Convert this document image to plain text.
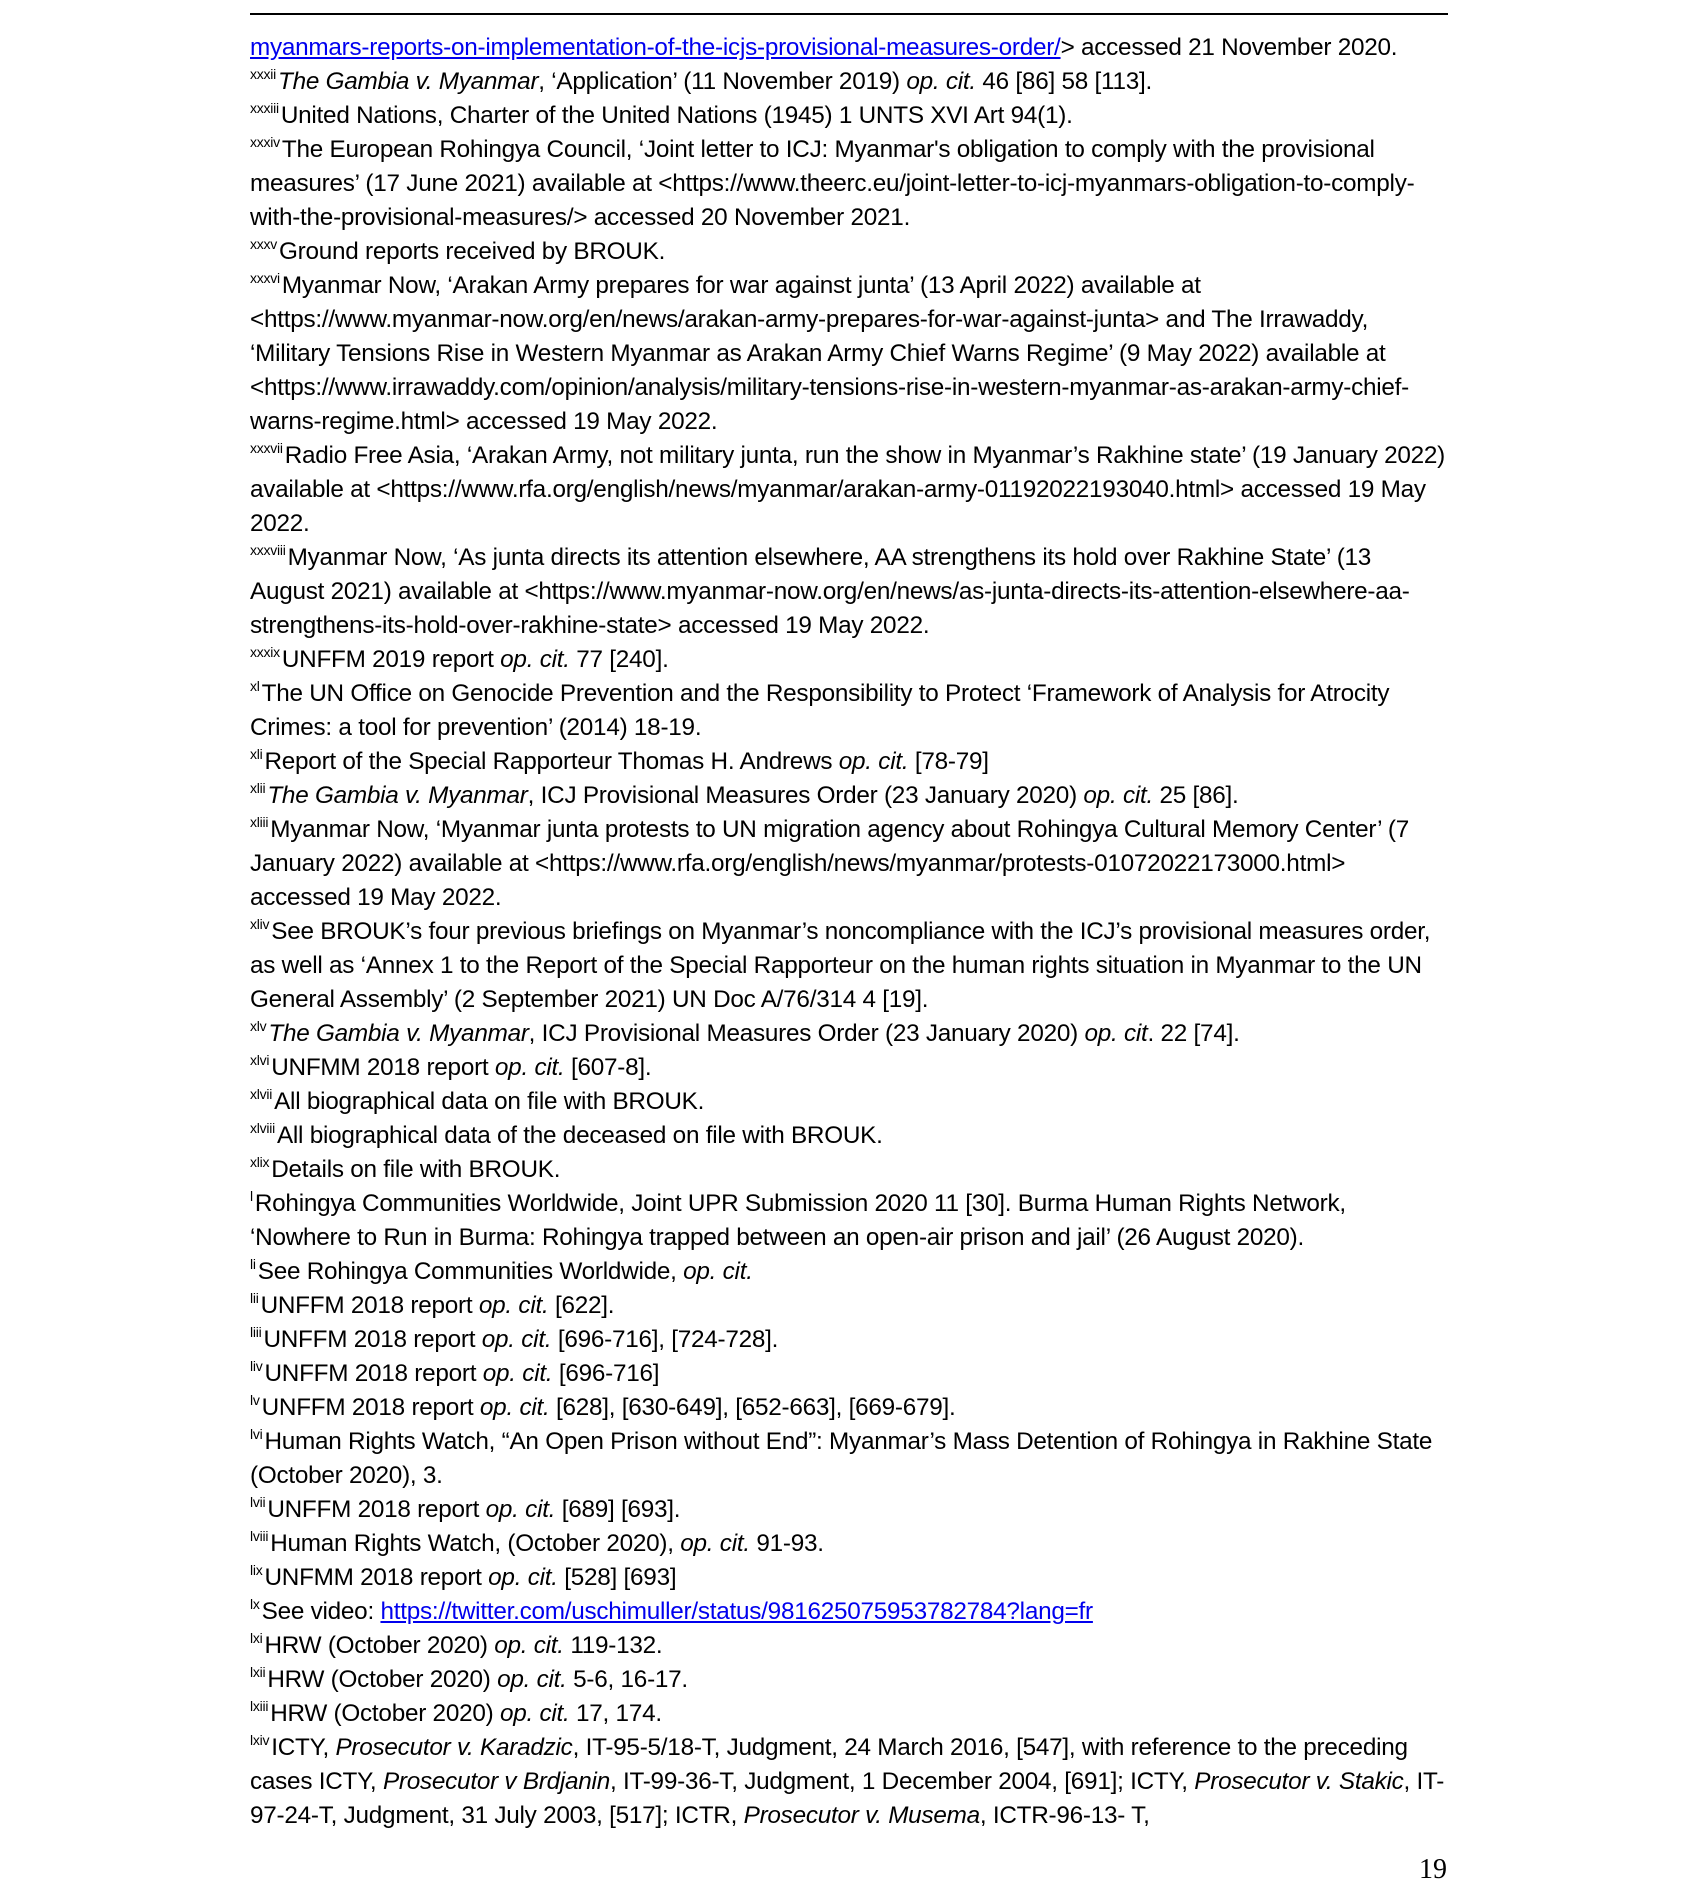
myanmars-reports-on-implementation-of-the-icjs-provisional-measures-order/> accessed 21 November 2020.

$^{xxxii}$The Gambia v. Myanmar, ‘Application’ (11 November 2019) op. cit. 46 [86] 58 [113].

$^{xxxiii}$United Nations, Charter of the United Nations (1945) 1 UNTS XVI Art 94(1).

$^{xxxiv}$The European Rohingya Council, ‘Joint letter to ICJ: Myanmar's obligation to comply with the provisional measures’ (17 June 2021) available at <https://www.theerc.eu/joint-letter-to-icj-myanmars-obligation-to-comply-with-the-provisional-measures/> accessed 20 November 2021.

$^{xxxv}$Ground reports received by BROUK.

$^{xxxvi}$Myanmar Now, ‘Arakan Army prepares for war against junta’ (13 April 2022) available at <https://www.myanmar-now.org/en/news/arakan-army-prepares-for-war-against-junta> and The Irrawaddy, ‘Military Tensions Rise in Western Myanmar as Arakan Army Chief Warns Regime’ (9 May 2022) available at <https://www.irrawaddy.com/opinion/analysis/military-tensions-rise-in-western-myanmar-as-arakan-army-chief-warns-regime.html> accessed 19 May 2022.

$^{xxxvii}$Radio Free Asia, ‘Arakan Army, not military junta, run the show in Myanmar’s Rakhine state’ (19 January 2022) available at <https://www.rfa.org/english/news/myanmar/arakan-army-01192022193040.html> accessed 19 May 2022.

$^{xxxviii}$Myanmar Now, ‘As junta directs its attention elsewhere, AA strengthens its hold over Rakhine State’ (13 August 2021) available at <https://www.myanmar-now.org/en/news/as-junta-directs-its-attention-elsewhere-aa-strengthens-its-hold-over-rakhine-state> accessed 19 May 2022.

$^{xxxix}$UNFFM 2019 report op. cit. 77 [240].

$^{xl}$The UN Office on Genocide Prevention and the Responsibility to Protect ‘Framework of Analysis for Atrocity Crimes: a tool for prevention’ (2014) 18-19.

$^{xli}$Report of the Special Rapporteur Thomas H. Andrews op. cit. [78-79]

$^{xlii}$The Gambia v. Myanmar, ICJ Provisional Measures Order (23 January 2020) op. cit. 25 [86].

$^{xliii}$Myanmar Now, ‘Myanmar junta protests to UN migration agency about Rohingya Cultural Memory Center’ (7 January 2022) available at <https://www.rfa.org/english/news/myanmar/protests-01072022173000.html> accessed 19 May 2022.

$^{xliv}$See BROUK’s four previous briefings on Myanmar’s noncompliance with the ICJ’s provisional measures order, as well as ‘Annex 1 to the Report of the Special Rapporteur on the human rights situation in Myanmar to the UN General Assembly’ (2 September 2021) UN Doc A/76/314 4 [19].

$^{xlv}$The Gambia v. Myanmar, ICJ Provisional Measures Order (23 January 2020) op. cit. 22 [74].

$^{xlvi}$UNFMM 2018 report op. cit. [607-8].

$^{xlvii}$All biographical data on file with BROUK.

$^{xlviii}$All biographical data of the deceased on file with BROUK.

$^{xlix}$Details on file with BROUK.

$^l$Rohingya Communities Worldwide, Joint UPR Submission 2020 11 [30]. Burma Human Rights Network, ‘Nowhere to Run in Burma: Rohingya trapped between an open-air prison and jail’ (26 August 2020).

$^{li}$See Rohingya Communities Worldwide, op. cit.

$^{lii}$UNFFM 2018 report op. cit. [622].

$^{liii}$UNFFM 2018 report op. cit. [696-716], [724-728].

$^{liv}$UNFFM 2018 report op. cit. [696-716]

$^{lv}$UNFFM 2018 report op. cit. [628], [630-649], [652-663], [669-679].

$^{lvi}$Human Rights Watch, “An Open Prison without End”: Myanmar’s Mass Detention of Rohingya in Rakhine State (October 2020), 3.

$^{lvii}$UNFFM 2018 report op. cit. [689] [693].

$^{lviii}$Human Rights Watch, (October 2020), op. cit. 91-93.

$^{lix}$UNFMM 2018 report op. cit. [528] [693]

$^{lx}$See video: https://twitter.com/uschimuller/status/981625075953782784?lang=fr

$^{lxi}$HRW (October 2020) op. cit. 119-132.

$^{lxii}$HRW (October 2020) op. cit. 5-6, 16-17.

$^{lxiii}$HRW (October 2020) op. cit. 17, 174.

$^{lxiv}$ICTY, Prosecutor v. Karadzic, IT-95-5/18-T, Judgment, 24 March 2016, [547], with reference to the preceding cases ICTY, Prosecutor v Brdjanin, IT-99-36-T, Judgment, 1 December 2004, [691]; ICTY, Prosecutor v. Stakic, IT-97-24-T, Judgment, 31 July 2003, [517]; ICTR, Prosecutor v. Musema, ICTR-96-13- T,

19
